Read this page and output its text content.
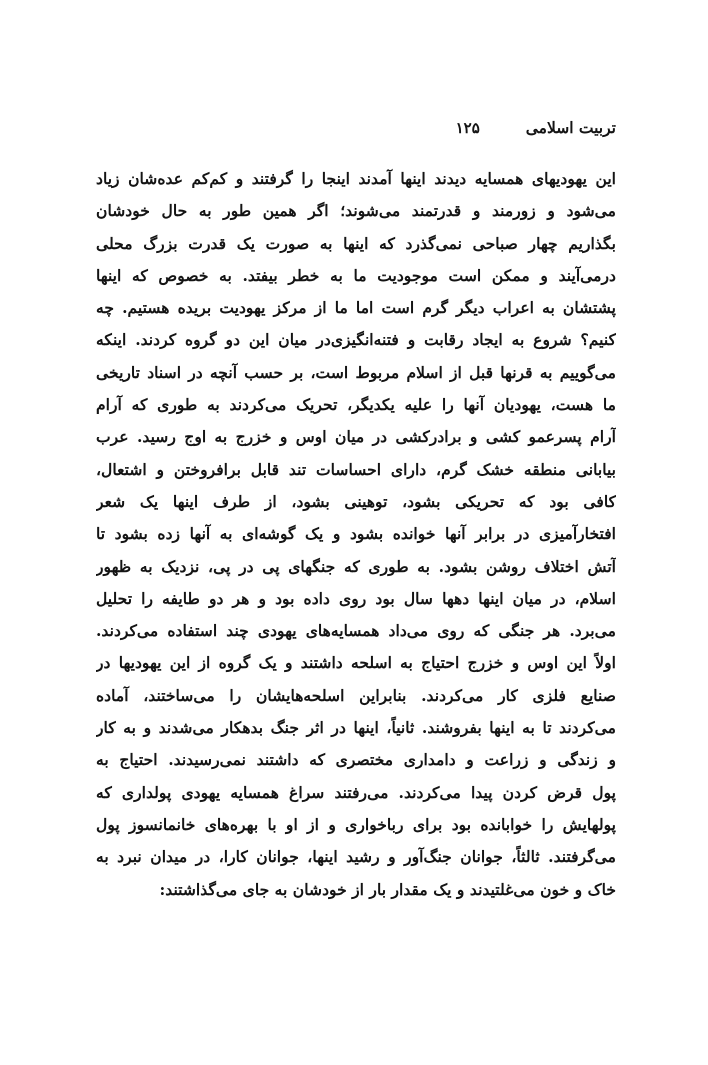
تربیت اسلامی
۱۲۵
این یهودیهای همسایه دیدند اینها آمدند اینجا را گرفتند و کم‌کم عده‌شان زیاد
می‌شود و زورمند و قدرتمند می‌شوند؛ اگر همین طور به حال خودشان
بگذاریم چهار صباحی نمی‌گذرد که اینها به صورت یک قدرت بزرگ محلی
درمی‌آیند و ممکن است موجودیت ما به خطر بیفتد. به خصوص که اینها
پشتشان به اعراب دیگر گرم است اما ما از مرکز یهودیت بریده هستیم. چه
کنیم؟ شروع به ایجاد رقابت و فتنه‌انگیزی‌در میان این دو گروه کردند. اینکه
می‌گوییم به قرنها قبل از اسلام مربوط است، بر حسب آنچه در اسناد تاریخی
ما هست، یهودیان آنها را علیه یکدیگر، تحریک می‌کردند به طوری که آرام
آرام پسرعمو کشی و برادرکشی در میان اوس و خزرج به اوج رسید. عرب
بیابانی منطقه خشک گرم، دارای احساسات تند قابل برافروختن و اشتعال،
کافی بود که تحریکی بشود، توهینی بشود، از طرف اینها یک شعر
افتخارآمیزی در برابر آنها خوانده بشود و یک گوشه‌ای به آنها زده بشود تا
آتش اختلاف روشن بشود. به طوری که جنگهای پی در پی، نزدیک به ظهور
اسلام، در میان اینها دهها سال بود روی داده بود و هر دو طایفه را تحلیل
می‌برد. هر جنگی که روی می‌داد همسایه‌های یهودی چند استفاده می‌کردند.
اولاً این اوس و خزرج احتیاج به اسلحه داشتند و یک گروه از این یهودیها در
صنایع فلزی کار می‌کردند. بنابراین اسلحه‌هایشان را می‌ساختند، آماده
می‌کردند تا به اینها بفروشند. ثانیاً، اینها در اثر جنگ بدهکار می‌شدند و به کار
و زندگی و زراعت و دامداری مختصری که داشتند نمی‌رسیدند. احتیاج به
پول قرض کردن پیدا می‌کردند. می‌رفتند سراغ همسایه یهودی پولداری که
پولهایش را خوابانده بود برای رباخواری و از او با بهره‌های خانمانسوز پول
می‌گرفتند. ثالثاً، جوانان جنگ‌آور و رشید اینها، جوانان کارا، در میدان نبرد به
خاک و خون می‌غلتیدند و یک مقدار بار از خودشان به جای می‌گذاشتند:
